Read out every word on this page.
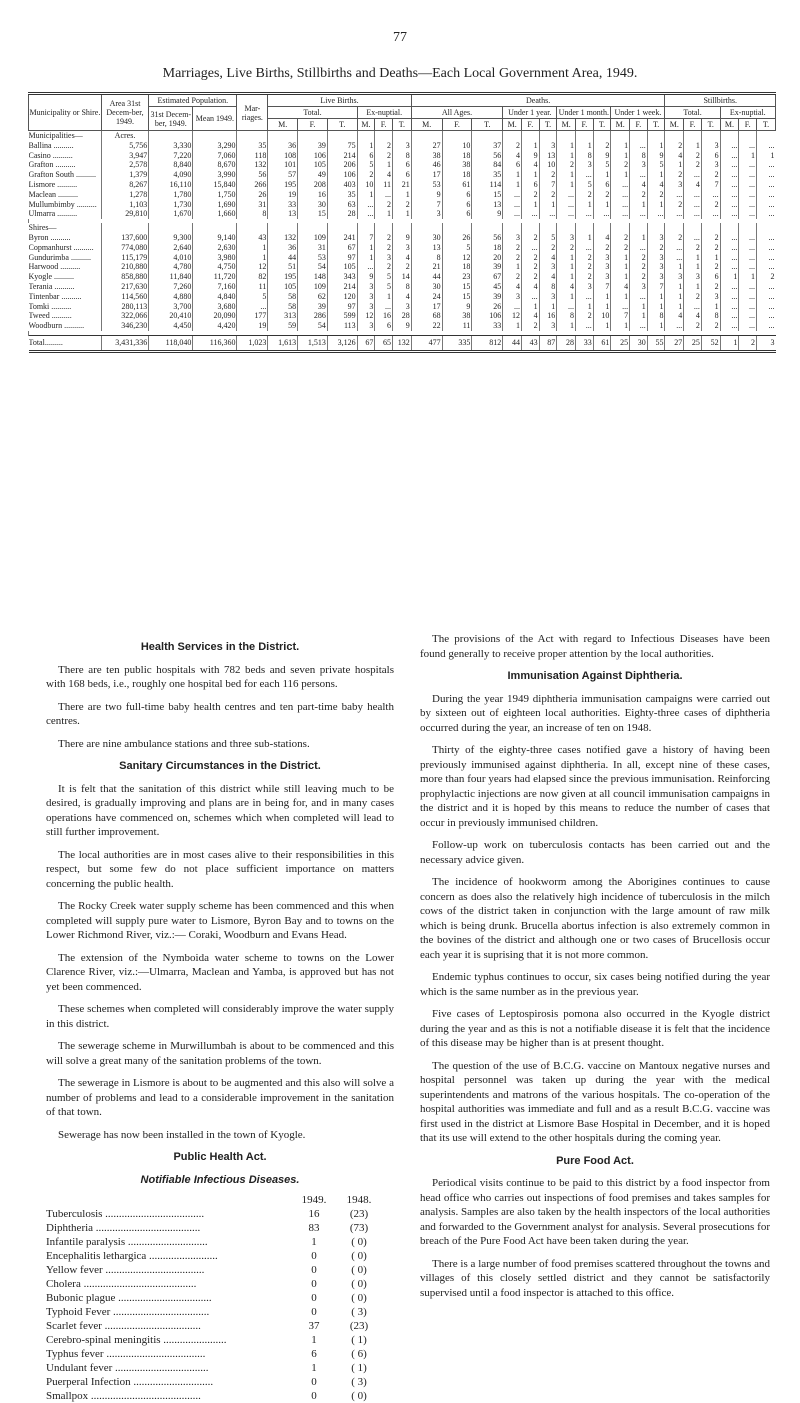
77
Marriages, Live Births, Stillbirths and Deaths—Each Local Government Area, 1949.
Municipality or Shire.	Area 31st Decem-ber, 1949.	Estimated Population.		Mar-riages.	Live Births.						Deaths.												Stillbirths.					
		31st Decem-ber, 1949.	Mean 1949.		Total.			Ex-nuptial.			All Ages.			Under 1 year.			Under 1 month.			Under 1 week.			Total.			Ex-nuptial.		
					M.	F.	T.	M.	F.	T.	M.	F.	T.	M.	F.	T.	M.	F.	T.	M.	F.	T.	M.	F.	T.	M.	F.	T.
Municipalities—	Acres.																											
Ballina ..........	5,756	3,330	3,290	35	36	39	75	1	2	3	27	10	37	2	1	3	1	1	2	1	...	1	2	1	3	...	...	...
Casino ..........	3,947	7,220	7,060	118	108	106	214	6	2	8	38	18	56	4	9	13	1	8	9	1	8	9	4	2	6	...	1	1
Grafton ..........	2,578	8,840	8,670	132	101	105	206	5	1	6	46	38	84	6	4	10	2	3	5	2	3	5	1	2	3	...	...	...
Grafton South ..........	1,379	4,090	3,990	56	57	49	106	2	4	6	17	18	35	1	1	2	1	...	1	1	...	1	2	...	2	...	...	...
Lismore ..........	8,267	16,110	15,840	266	195	208	403	10	11	21	53	61	114	1	6	7	1	5	6	...	4	4	3	4	7	...	...	...
Maclean ..........	1,278	1,780	1,750	26	19	16	35	1	...	1	9	6	15	...	2	2	...	2	2	...	2	2	...	...	...	...	...	...
Mullumbimby ..........	1,103	1,730	1,690	31	33	30	63	...	2	2	7	6	13	...	1	1	...	1	1	...	1	1	2	...	2	...	...	...
Ulmarra ..........	29,810	1,670	1,660	8	13	15	28	...	1	1	3	6	9	...	...	...	...	...	...	...	...	...	...	...	...	...	...	...

Shires—																												
Byron ..........	137,600	9,300	9,140	43	132	109	241	7	2	9	30	26	56	3	2	5	3	1	4	2	1	3	2	...	2	...	...	...
Copmanhurst ..........	774,080	2,640	2,630	1	36	31	67	1	2	3	13	5	18	2	...	2	2	...	2	2	...	2	...	2	2	...	...	...
Gundurimba ..........	115,179	4,010	3,980	1	44	53	97	1	3	4	8	12	20	2	2	4	1	2	3	1	2	3	...	1	1	...	...	...
Harwood ..........	210,880	4,780	4,750	12	51	54	105	...	2	2	21	18	39	1	2	3	1	2	3	1	2	3	1	1	2	...	...	...
Kyogle ..........	858,880	11,840	11,720	82	195	148	343	9	5	14	44	23	67	2	2	4	1	2	3	1	2	3	3	3	6	1	1	2
Terania ..........	217,630	7,260	7,160	11	105	109	214	3	5	8	30	15	45	4	4	8	4	3	7	4	3	7	1	1	2	...	...	...
Tintenbar ..........	114,560	4,880	4,840	5	58	62	120	3	1	4	24	15	39	3	...	3	1	...	1	1	...	1	1	2	3	...	...	...
Tomki ..........	280,113	3,700	3,680	...	58	39	97	3	...	3	17	9	26	...	1	1	...	1	1	...	1	1	1	...	1	...	...	...
Tweed ..........	322,066	20,410	20,090	177	313	286	599	12	16	28	68	38	106	12	4	16	8	2	10	7	1	8	4	4	8	...	...	...
Woodburn ..........	346,230	4,450	4,420	19	59	54	113	3	6	9	22	11	33	1	2	3	1	...	1	1	...	1	...	2	2	...	...	...

Total.........	3,431,336	118,040	116,360	1,023	1,613	1,513	3,126	67	65	132	477	335	812	44	43	87	28	33	61	25	30	55	27	25	52	1	2	3
Health Services in the District.

There are ten public hospitals with 782 beds and seven private hospitals with 168 beds, i.e., roughly one hospital bed for each 116 persons.

There are two full-time baby health centres and ten part-time baby health centres.

There are nine ambulance stations and three sub-stations.

Sanitary Circumstances in the District.

It is felt that the sanitation of this district while still leaving much to be desired, is gradually improving and plans are in being for, and in many cases operations have commenced on, schemes which when completed will lead to still further improvement.

The local authorities are in most cases alive to their responsibilities in this respect, but some few do not place sufficient importance on matters concerning the public health.

The Rocky Creek water supply scheme has been commenced and this when completed will supply pure water to Lismore, Byron Bay and to towns on the Lower Richmond River, viz.:— Coraki, Woodburn and Evans Head.

The extension of the Nymboida water scheme to towns on the Lower Clarence River, viz.:—Ulmarra, Maclean and Yamba, is approved but has not yet been commenced.

These schemes when completed will considerably improve the water supply in this district.

The sewerage scheme in Murwillumbah is about to be commenced and this will solve a great many of the sanitation problems of the town.

The sewerage in Lismore is about to be augmented and this also will solve a number of problems and lead to a considerable improvement in the sanitation of that town.

Sewerage has now been installed in the town of Kyogle.

Public Health Act.
Notifiable Infectious Diseases.
	1949.	1948.
Tuberculosis ....................................	16	(23)
Diphtheria ......................................	83	(73)
Infantile paralysis .............................	1	( 0)
Encephalitis lethargica .........................	0	( 0)
Yellow fever ....................................	0	( 0)
Cholera .........................................	0	( 0)
Bubonic plague ..................................	0	( 0)
Typhoid Fever ...................................	0	( 3)
Scarlet fever ...................................	37	(23)
Cerebro-spinal meningitis .......................	1	( 1)
Typhus fever ....................................	6	( 6)
Undulant fever ..................................	1	( 1)
Puerperal Infection .............................	0	( 3)
Smallpox ........................................	0	( 0)

The provisions of the Act with regard to Infectious Diseases have been found generally to receive proper attention by the local authorities.

Immunisation Against Diphtheria.

During the year 1949 diphtheria immunisation campaigns were carried out by sixteen out of eighteen local authorities. Eighty-three cases of diphtheria occurred during the year, an increase of ten on 1948.

Thirty of the eighty-three cases notified gave a history of having been previously immunised against diphtheria. In all, except nine of these cases, more than four years had elapsed since the previous immunisation. Reinforcing prophylactic injections are now given at all council immunisation campaigns in the district and it is hoped by this means to reduce the number of cases that occur in previously immunised children.

Follow-up work on tuberculosis contacts has been carried out and the necessary advice given.

The incidence of hookworm among the Aborigines continues to cause concern as does also the relatively high incidence of tuberculosis in the milch cows of the district taken in conjunction with the large amount of raw milk which is being drunk. Brucella abortus infection is also extremely common in the bovines of the district and although one or two cases of Brucellosis occur each year it is suprising that it is not more common.

Endemic typhus continues to occur, six cases being notified during the year which is the same number as in the previous year.

Five cases of Leptospirosis pomona also occurred in the Kyogle district during the year and as this is not a notifiable disease it is felt that the incidence of this disease may be higher than is at present thought.

The question of the use of B.C.G. vaccine on Mantoux negative nurses and hospital personnel was taken up during the year with the medical superintendents and matrons of the various hospitals. The co-operation of the hospital authorities was immediate and full and as a result B.C.G. vaccine was first used in the district at Lismore Base Hospital in December, and it is hoped that its use will extend to the other hospitals during the coming year.

Pure Food Act.

Periodical visits continue to be paid to this district by a food inspector from head office who carries out inspections of food premises and takes samples for analysis. Samples are also taken by the health inspectors of the local authorities and forwarded to the Government analyst for analysis. Several prosecutions for breach of the Pure Food Act have been taken during the year.

There is a large number of food premises scattered throughout the towns and villages of this closely settled district and they cannot be satisfactorily supervised until a food inspector is attached to this office.
